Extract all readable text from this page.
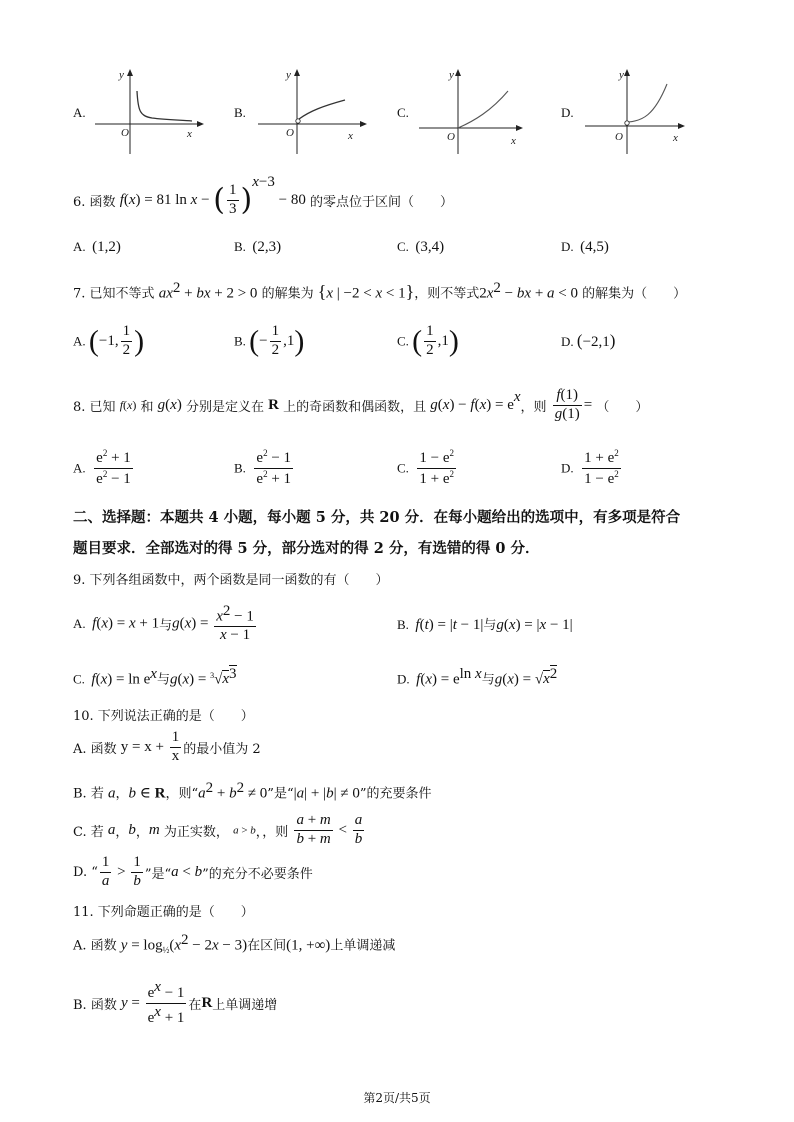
A.
y
x
O
B.
y
x
O
C.
y
x
O
D.
y
x
O
6. 函数 f(x) = 81 ln x − ( $\frac{1}{3} )^{x-3} - 80$ 的零点位于区间（　　）
A. (1,2)	B. (2,3)	C. (3,4)	D. (4,5)
7. 已知不等式 $ax^2$ + bx + 2 > 0 的解集为 {x | −2 < x < 1}，则不等式$2x^2$ − bx + a < 0 的解集为（　　）
A. (−1, $\frac{1}{2}$ )	B. (− $\frac{1}{2} ,1$)	C. ( $\frac{1}{2} ,1$)	D. (−2,1)
8. 已知 f(x) 和 g(x) 分别是定义在 R 上的奇函数和偶函数，且 $g(x) - f(x) = e^x$，则 $\frac{f(1)}{g(1)}$ = （　　）
A. $\frac{e^2 + 1}{e^2 - 1}$	B. $\frac{e^2 - 1}{e^2 + 1}$	C. $\frac{1 - e^2}{1 + e^2}$	D. $\frac{1 + e^2}{1 - e^2}$
二、选择题：本题共 4 小题，每小题 5 分，共 20 分．在每小题给出的选项中，有多项是符合
题目要求．全部选对的得 5 分，部分选对的得 2 分，有选错的得 0 分．
9. 下列各组函数中，两个函数是同一函数的有（　　）
A. f(x) = x + 1与$g(x) = \frac{x^2 - 1}{x - 1}$	B. f(t) = |t − 1|与g(x) = |x − 1|
C. $f(x) = \ln e^x$与$g(x) = ^3√x^3$	D. $f(x) = e^{ln}$ $^x$与$g(x) = √x^2$
10. 下列说法正确的是（　　）
A. 函数 $y = x + \frac{1}{x}$ 的最小值为 2
B. 若 a，b ∈ R，则“$a^2 + b^2 \ne 0$”是“|a| + |b| ≠ 0”的充要条件
C. 若 a，b，m 为正实数， a > b，，则 $\frac{a + m}{b + m} < \frac{a}{b}$
D. “ $\frac{1}{a} > \frac{1}{b}$ ”是“a < b”的充分不必要条件
11. 下列命题正确的是（　　）
A. 函数 $y = \log_{\frac{1}{2}}(x^2 - 2x - 3)$在区间(1, +∞)上单调递减
B. 函数 $y = \frac{e^x - 1}{e^x + 1}$ 在R上单调递增
第2页/共5页
